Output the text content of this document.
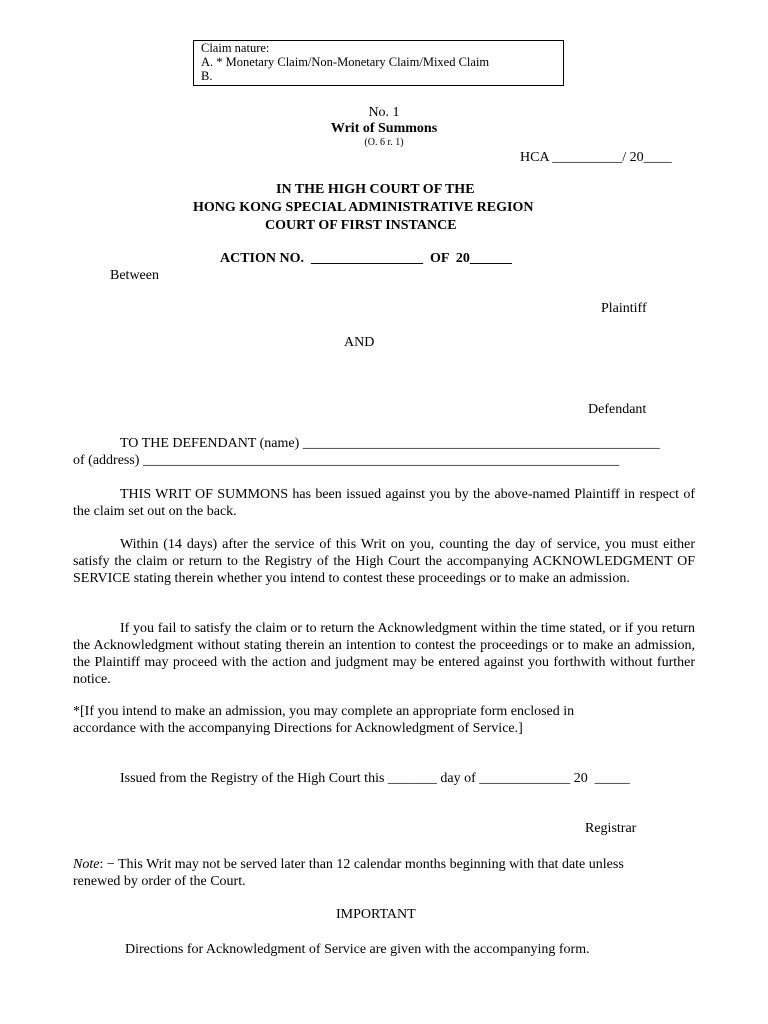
Claim nature:
A. * Monetary Claim/Non-Monetary Claim/Mixed Claim
B.
No. 1
Writ of Summons
(O. 6 r. 1)
HCA __________/ 20____
IN THE HIGH COURT OF THE
HONG KONG SPECIAL ADMINISTRATIVE REGION
COURT OF FIRST INSTANCE
ACTION NO.  ________________  OF  20______
Between
Plaintiff
AND
Defendant
TO THE DEFENDANT (name) ___________________________________________________
of (address) ____________________________________________________________________
THIS WRIT OF SUMMONS has been issued against you by the above-named Plaintiff in respect of the claim set out on the back.
Within (14 days) after the service of this Writ on you, counting the day of service, you must either satisfy the claim or return to the Registry of the High Court the accompanying ACKNOWLEDGMENT OF SERVICE stating therein whether you intend to contest these proceedings or to make an admission.
If you fail to satisfy the claim or to return the Acknowledgment within the time stated, or if you return the Acknowledgment without stating therein an intention to contest the proceedings or to make an admission, the Plaintiff may proceed with the action and judgment may be entered against you forthwith without further notice.
*[If you intend to make an admission, you may complete an appropriate form enclosed in
accordance with the accompanying Directions for Acknowledgment of Service.]
Issued from the Registry of the High Court this _______ day of _____________ 20  _____
Registrar
Note: − This Writ may not be served later than 12 calendar months beginning with that date unless
renewed by order of the Court.
IMPORTANT
Directions for Acknowledgment of Service are given with the accompanying form.
